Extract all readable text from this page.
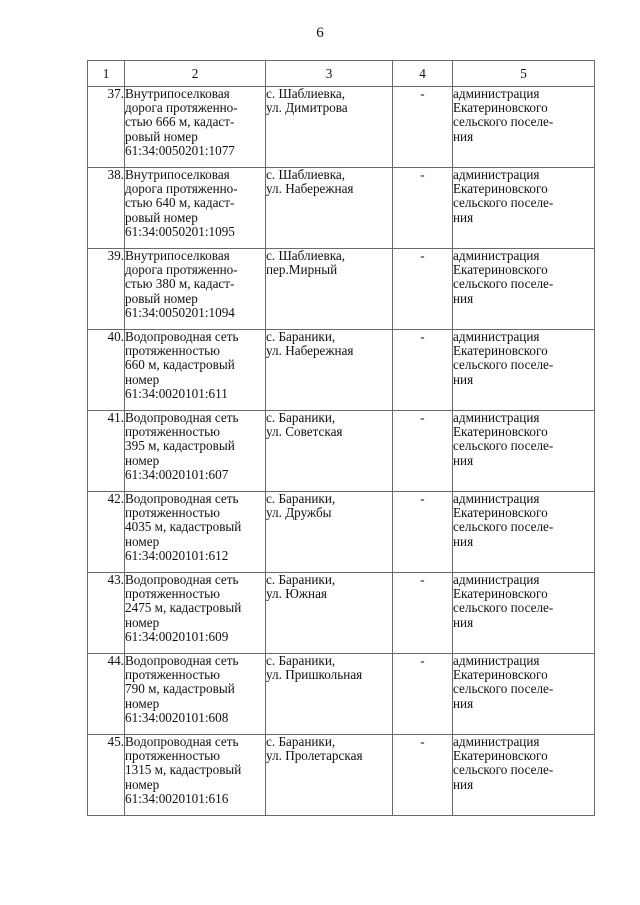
6
1	2	3	4	5
37.	Внутрипоселковая
дорога протяженно-
стью 666 м, кадаст-
ровый номер
61:34:0050201:1077	с. Шаблиевка,
ул. Димитрова	-	администрация
Екатериновского
сельского поселе-
ния

38.	Внутрипоселковая
дорога протяженно-
стью 640 м, кадаст-
ровый номер
61:34:0050201:1095	с. Шаблиевка,
ул. Набережная	-	администрация
Екатериновского
сельского поселе-
ния

39.	Внутрипоселковая
дорога протяженно-
стью 380 м, кадаст-
ровый номер
61:34:0050201:1094	с. Шаблиевка,
пер.Мирный	-	администрация
Екатериновского
сельского поселе-
ния

40.	Водопроводная сеть
протяженностью
660 м, кадастровый
номер
61:34:0020101:611	с. Бараники,
ул. Набережная	-	администрация
Екатериновского
сельского поселе-
ния

41.	Водопроводная сеть
протяженностью
395 м, кадастровый
номер
61:34:0020101:607	с. Бараники,
ул. Советская	-	администрация
Екатериновского
сельского поселе-
ния

42.	Водопроводная сеть
протяженностью
4035 м, кадастровый
номер
61:34:0020101:612	с. Бараники,
ул. Дружбы	-	администрация
Екатериновского
сельского поселе-
ния

43.	Водопроводная сеть
протяженностью
2475 м, кадастровый
номер
61:34:0020101:609	с. Бараники,
ул. Южная	-	администрация
Екатериновского
сельского поселе-
ния

44.	Водопроводная сеть
протяженностью
790 м, кадастровый
номер
61:34:0020101:608	с. Бараники,
ул. Пришкольная	-	администрация
Екатериновского
сельского поселе-
ния

45.	Водопроводная сеть
протяженностью
1315 м, кадастровый
номер
61:34:0020101:616	с. Бараники,
ул. Пролетарская	-	администрация
Екатериновского
сельского поселе-
ния
